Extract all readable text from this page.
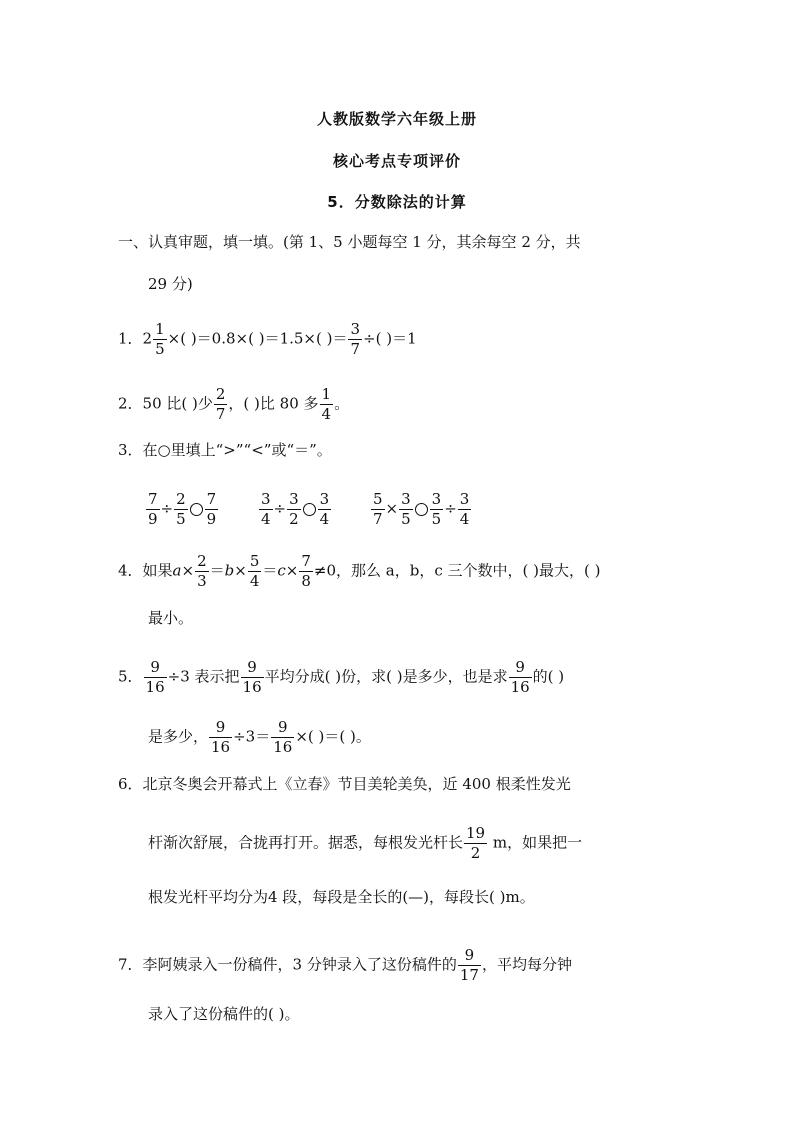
人教版数学六年级上册
核心考点专项评价
5．分数除法的计算
一、认真审题，填一填。(第 1、5 小题每空 1 分，其余每空 2 分，共
29 分)
1．$2 \frac{1}{5}$ ×( )＝0.8×( )＝1.5×( )＝ $\frac{3}{7}$ ÷( )＝1
2．50 比( )少 $\frac{2}{7}$ ，( )比 80 多 $\frac{1}{4}$ 。
3．在○里填上“>”“<”或“＝”。
$\frac{7}{9} \div \frac{2}{5} \frac{7}{9}$	$\frac{3}{4} \div \frac{3}{2} \frac{3}{4}$	$\frac{5}{7} \times \frac{3}{5} \frac{3}{5} \div \frac{3}{4}$
4．如果$a\times \frac{2}{3} =b\times \frac{5}{4} =c\times \frac{7}{8} \ne 0$，那么 a，b，c 三个数中，( )最大，( )
最小。
5． $\frac{9}{16} \div 3$ 表示把 $\frac{9}{16}$ 平均分成( )份，求( )是多少，也是求 $\frac{9}{16}$ 的( )
是多少， $\frac{9}{16} \div 3= \frac{9}{16}$ ×( )＝( )。
6．北京冬奥会开幕式上《立春》节目美轮美奂，近 400 根柔性发光
杆渐次舒展，合拢再打开。据悉，每根发光杆长 $\frac{19}{2}$ m，如果把一
根发光杆平均分为4 段，每段是全长的(—)，每段长( )m。
7．李阿姨录入一份稿件，3 分钟录入了这份稿件的 $\frac{9}{17}$ ，平均每分钟
录入了这份稿件的( )。
